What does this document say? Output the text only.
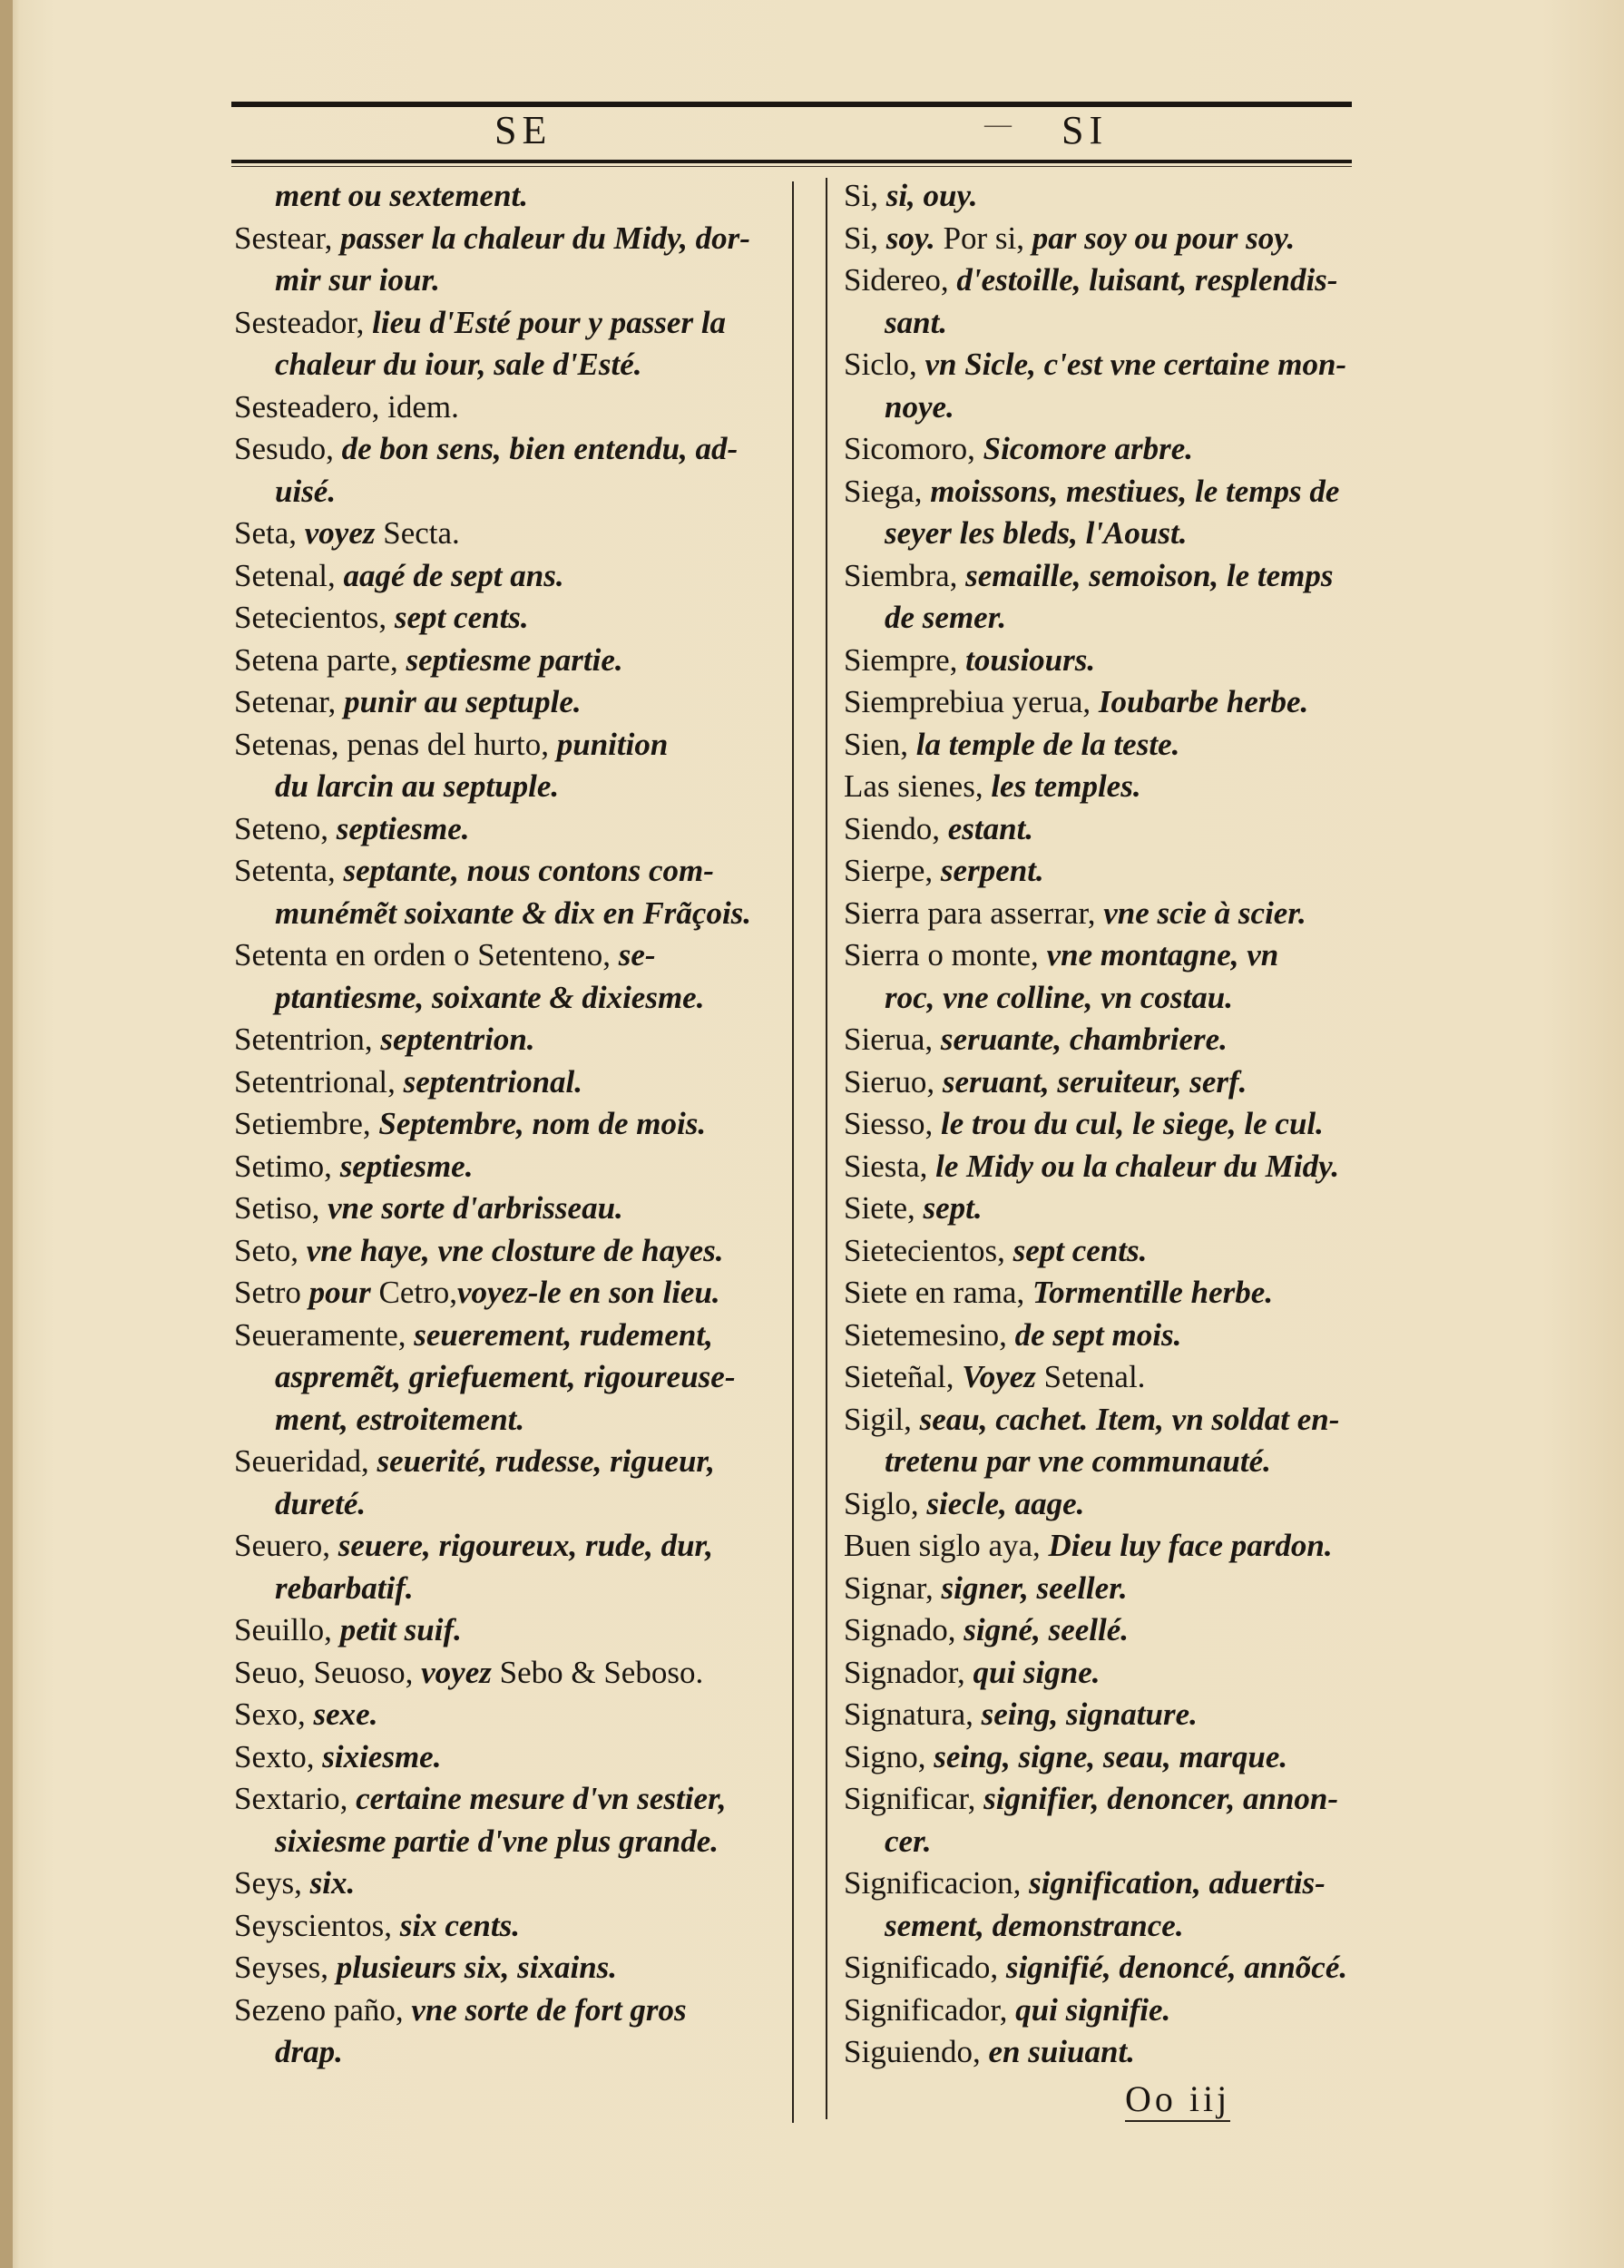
SE	— SI
ment ou sextement.
Sestear, passer la chaleur du Midy, dor-
mir sur iour.
Sesteador, lieu d'Esté pour y passer la
chaleur du iour, sale d'Esté.
Sesteadero, idem.
Sesudo, de bon sens, bien entendu, ad-
uisé.
Seta, voyez Secta.
Setenal, aagé de sept ans.
Setecientos, sept cents.
Setena parte, septiesme partie.
Setenar, punir au septuple.
Setenas, penas del hurto, punition
du larcin au septuple.
Seteno, septiesme.
Setenta, septante, nous contons com-
munémẽt soixante & dix en Frãçois.
Setenta en orden o Setenteno, se-
ptantiesme, soixante & dixiesme.
Setentrion, septentrion.
Setentrional, septentrional.
Setiembre, Septembre, nom de mois.
Setimo, septiesme.
Setiso, vne sorte d'arbrisseau.
Seto, vne haye, vne closture de hayes.
Setro pour Cetro,voyez-le en son lieu.
Seueramente, seuerement, rudement,
aspremẽt, griefuement, rigoureuse-
ment, estroitement.
Seueridad, seuerité, rudesse, rigueur,
dureté.
Seuero, seuere, rigoureux, rude, dur,
rebarbatif.
Seuillo, petit suif.
Seuo, Seuoso, voyez Sebo & Seboso.
Sexo, sexe.
Sexto, sixiesme.
Sextario, certaine mesure d'vn sestier,
sixiesme partie d'vne plus grande.
Seys, six.
Seyscientos, six cents.
Seyses, plusieurs six, sixains.
Sezeno paño, vne sorte de fort gros
drap.
Si, si, ouy.
Si, soy. Por si, par soy ou pour soy.
Sidereo, d'estoille, luisant, resplendis-
sant.
Siclo, vn Sicle, c'est vne certaine mon-
noye.
Sicomoro, Sicomore arbre.
Siega, moissons, mestiues, le temps de
seyer les bleds, l'Aoust.
Siembra, semaille, semoison, le temps
de semer.
Siempre, tousiours.
Siemprebiua yerua, Ioubarbe herbe.
Sien, la temple de la teste.
Las sienes, les temples.
Siendo, estant.
Sierpe, serpent.
Sierra para asserrar, vne scie à scier.
Sierra o monte, vne montagne, vn
roc, vne colline, vn costau.
Sierua, seruante, chambriere.
Sieruo, seruant, seruiteur, serf.
Siesso, le trou du cul, le siege, le cul.
Siesta, le Midy ou la chaleur du Midy.
Siete, sept.
Sietecientos, sept cents.
Siete en rama, Tormentille herbe.
Sietemesino, de sept mois.
Sieteñal, Voyez Setenal.
Sigil, seau, cachet. Item, vn soldat en-
tretenu par vne communauté.
Siglo, siecle, aage.
Buen siglo aya, Dieu luy face pardon.
Signar, signer, seeller.
Signado, signé, seellé.
Signador, qui signe.
Signatura, seing, signature.
Signo, seing, signe, seau, marque.
Significar, signifier, denoncer, annon-
cer.
Significacion, signification, aduertis-
sement, demonstrance.
Significado, signifié, denoncé, annõcé.
Significador, qui signifie.
Siguiendo, en suiuant.
Oo iij
